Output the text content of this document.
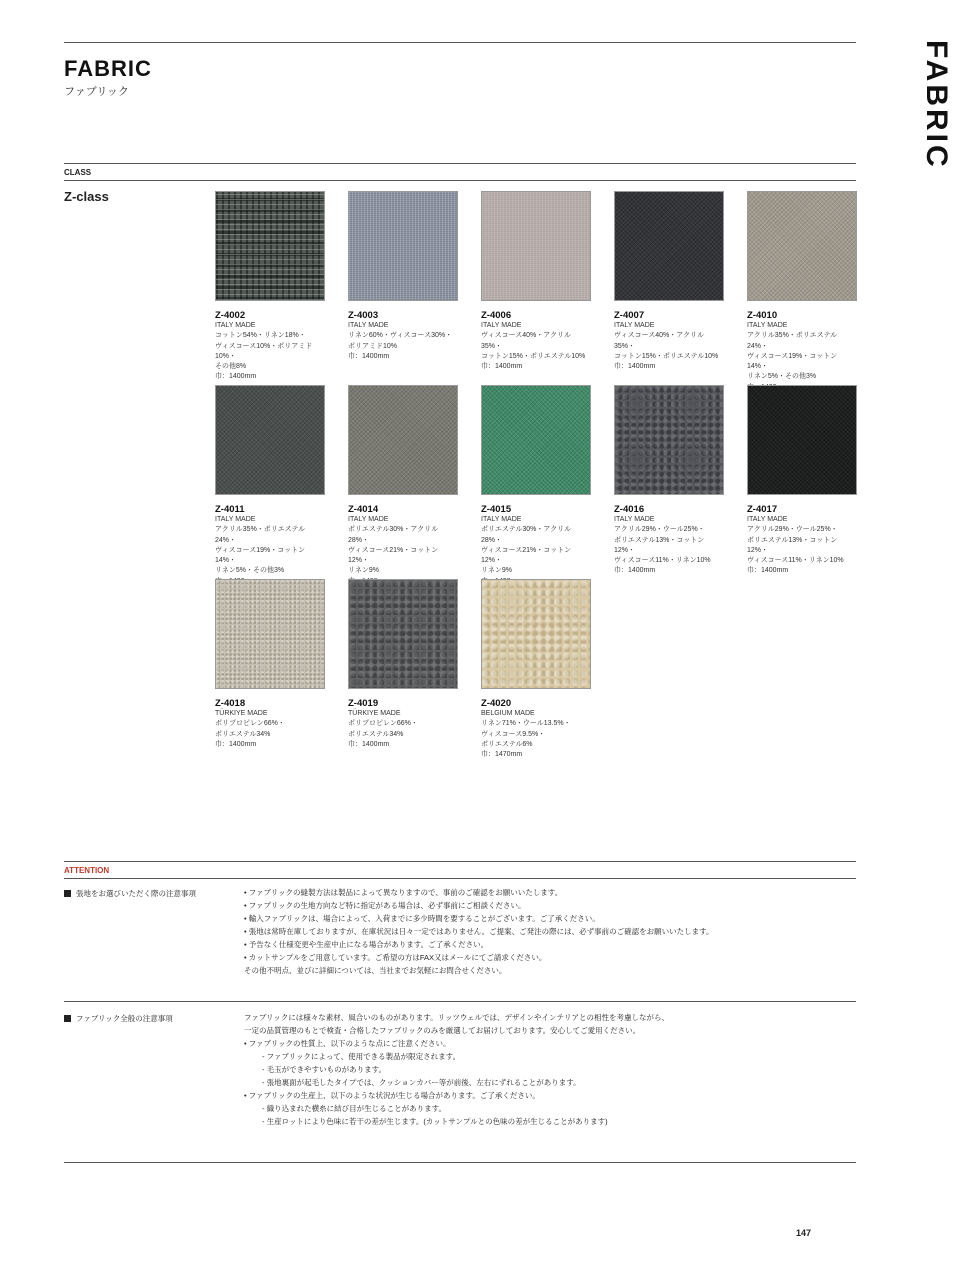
FABRIC
ファブリック	FABRIC
CLASS
Z-class
Z-4002
ITALY MADE
コットン54%・リネン18%・
ヴィスコース10%・ポリアミド10%・
その他8%
巾：1400mm
Z-4003
ITALY MADE
リネン60%・ヴィスコース30%・
ポリアミド10%
巾：1400mm
Z-4006
ITALY MADE
ヴィスコース40%・アクリル35%・
コットン15%・ポリエステル10%
巾：1400mm
Z-4007
ITALY MADE
ヴィスコース40%・アクリル35%・
コットン15%・ポリエステル10%
巾：1400mm
Z-4010
ITALY MADE
アクリル35%・ポリエステル24%・
ヴィスコース19%・コットン14%・
リネン5%・その他3%
Z-4011
ITALY MADE
アクリル35%・ポリエステル24%・
ヴィスコース19%・コットン14%・
リネン5%・その他3%
Z-4014
ITALY MADE
ポリエステル30%・アクリル28%・
ヴィスコース21%・コットン12%・
リネン9%
Z-4015
ITALY MADE
ポリエステル30%・アクリル28%・
ヴィスコース21%・コットン12%・
リネン9%
Z-4016
ITALY MADE
アクリル29%・ウール25%・
ポリエステル13%・コットン12%・
ヴィスコース11%・リネン10%
巾：1400mm
Z-4017
ITALY MADE
アクリル29%・ウール25%・
ポリエステル13%・コットン12%・
ヴィスコース11%・リネン10%
巾：1400mm
Z-4018
TÜRKIYE MADE
ポリプロピレン66%・
ポリエステル34%
巾：1400mm
Z-4019
TÜRKIYE MADE
ポリプロピレン66%・
ポリエステル34%
巾：1400mm
Z-4020
BELGIUM MADE
リネン71%・ウール13.5%・
ヴィスコース9.5%・
ポリエステル6%
巾：1470mm
ATTENTION
張地をお選びいただく際の注意事項	• ファブリックの縫製方法は製品によって異なりますので、事前のご確認をお願いいたします。
• ファブリックの生地方向など特に指定がある場合は、必ず事前にご相談ください。
• 輸入ファブリックは、場合によって、入荷までに多少時間を要することがございます。ご了承ください。
• 張地は常時在庫しておりますが、在庫状況は日々一定ではありません。ご提案、ご発注の際には、必ず事前のご確認をお願いいたします。
• 予告なく仕様変更や生産中止になる場合があります。ご了承ください。
• カットサンプルをご用意しています。ご希望の方はFAX又はメールにてご請求ください。
その他不明点、並びに詳細については、当社までお気軽にお問合せください。
ファブリック全般の注意事項	ファブリックには様々な素材、風合いのものがあります。リッツウェルでは、デザインやインテリアとの相性を考慮しながら、
一定の品質管理のもとで検査・合格したファブリックのみを厳選してお届けしております。安心してご愛用ください。
• ファブリックの性質上、以下のような点にご注意ください。
- ファブリックによって、使用できる製品が限定されます。
- 毛玉ができやすいものがあります。
- 張地裏面が起毛したタイプでは、クッションカバー等が前後、左右にずれることがあります。
• ファブリックの生産上、以下のような状況が生じる場合があります。ご了承ください。
- 織り込まれた横糸に結び目が生じることがあります。
- 生産ロットにより色味に若干の差が生じます。(カットサンプルとの色味の差が生じることがあります)
147
